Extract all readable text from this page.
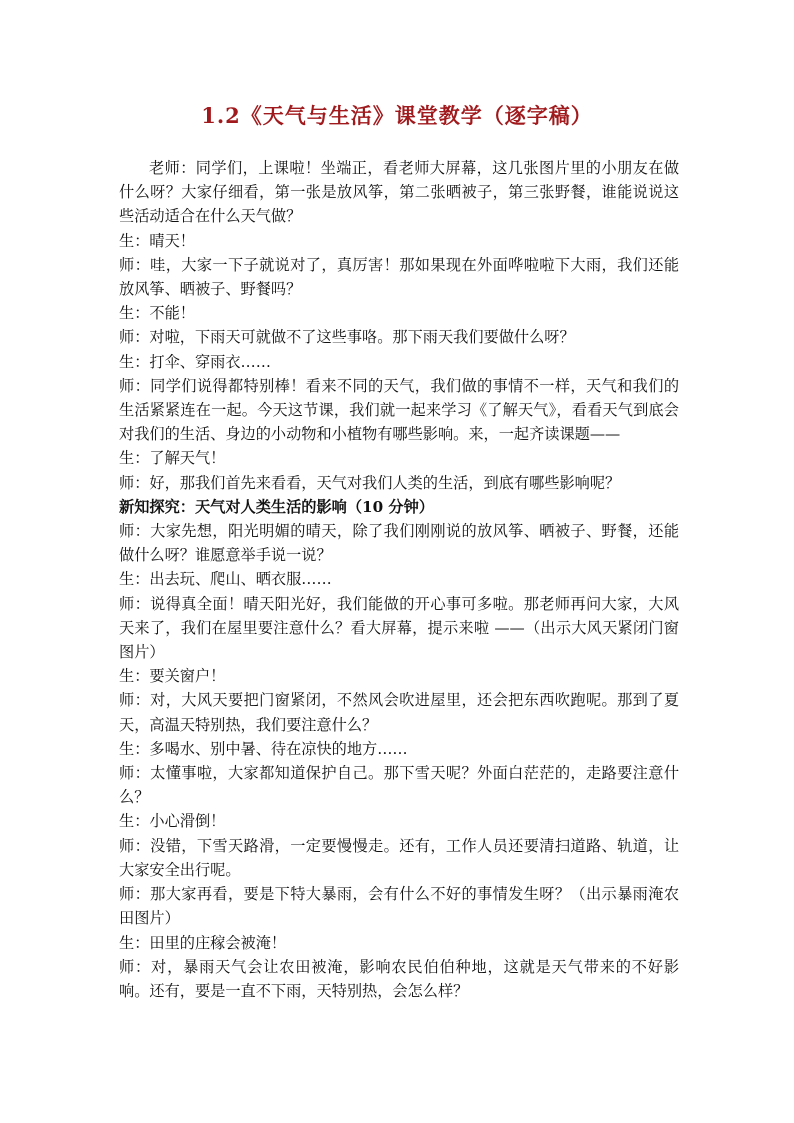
1.2《天气与生活》课堂教学（逐字稿）

老师：同学们，上课啦！坐端正，看老师大屏幕，这几张图片里的小朋友在做什么呀？大家仔细看，第一张是放风筝，第二张晒被子，第三张野餐，谁能说说这些活动适合在什么天气做？

生：晴天！

师：哇，大家一下子就说对了，真厉害！那如果现在外面哗啦啦下大雨，我们还能放风筝、晒被子、野餐吗？

生：不能！

师：对啦，下雨天可就做不了这些事咯。那下雨天我们要做什么呀？

生：打伞、穿雨衣……

师：同学们说得都特别棒！看来不同的天气，我们做的事情不一样，天气和我们的生活紧紧连在一起。今天这节课，我们就一起来学习《了解天气》，看看天气到底会对我们的生活、身边的小动物和小植物有哪些影响。来，一起齐读课题——

生：了解天气！

师：好，那我们首先来看看，天气对我们人类的生活，到底有哪些影响呢？

新知探究：天气对人类生活的影响（10 分钟）

师：大家先想，阳光明媚的晴天，除了我们刚刚说的放风筝、晒被子、野餐，还能做什么呀？谁愿意举手说一说？

生：出去玩、爬山、晒衣服……

师：说得真全面！晴天阳光好，我们能做的开心事可多啦。那老师再问大家，大风天来了，我们在屋里要注意什么？看大屏幕，提示来啦 ——（出示大风天紧闭门窗图片）

生：要关窗户！

师：对，大风天要把门窗紧闭，不然风会吹进屋里，还会把东西吹跑呢。那到了夏天，高温天特别热，我们要注意什么？

生：多喝水、别中暑、待在凉快的地方……

师：太懂事啦，大家都知道保护自己。那下雪天呢？外面白茫茫的，走路要注意什么？

生：小心滑倒！

师：没错，下雪天路滑，一定要慢慢走。还有，工作人员还要清扫道路、轨道，让大家安全出行呢。

师：那大家再看，要是下特大暴雨，会有什么不好的事情发生呀？（出示暴雨淹农田图片）

生：田里的庄稼会被淹！

师：对，暴雨天气会让农田被淹，影响农民伯伯种地，这就是天气带来的不好影响。还有，要是一直不下雨，天特别热，会怎么样？
